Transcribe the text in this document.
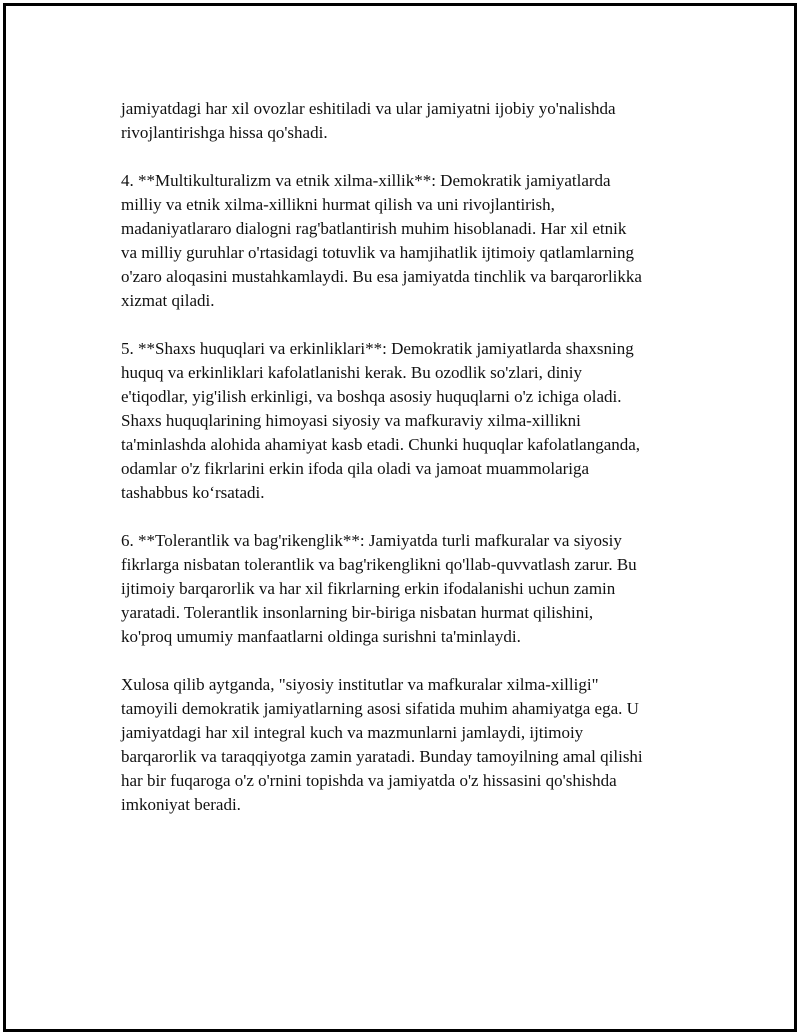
jamiyatdagi har xil ovozlar eshitiladi va ular jamiyatni ijobiy yo'nalishda
rivojlantirishga hissa qo'shadi.

4. **Multikulturalizm va etnik xilma-xillik**: Demokratik jamiyatlarda
milliy va etnik xilma-xillikni hurmat qilish va uni rivojlantirish,
madaniyatlararo dialogni rag'batlantirish muhim hisoblanadi. Har xil etnik
va milliy guruhlar o'rtasidagi totuvlik va hamjihatlik ijtimoiy qatlamlarning
o'zaro aloqasini mustahkamlaydi. Bu esa jamiyatda tinchlik va barqarorlikka
xizmat qiladi.

5. **Shaxs huquqlari va erkinliklari**: Demokratik jamiyatlarda shaxsning
huquq va erkinliklari kafolatlanishi kerak. Bu ozodlik so'zlari, diniy
e'tiqodlar, yig'ilish erkinligi, va boshqa asosiy huquqlarni o'z ichiga oladi.
Shaxs huquqlarining himoyasi siyosiy va mafkuraviy xilma-xillikni
ta'minlashda alohida ahamiyat kasb etadi. Chunki huquqlar kafolatlanganda,
odamlar o'z fikrlarini erkin ifoda qila oladi va jamoat muammolariga
tashabbus ko‘rsatadi.

6. **Tolerantlik va bag'rikenglik**: Jamiyatda turli mafkuralar va siyosiy
fikrlarga nisbatan tolerantlik va bag'rikenglikni qo'llab-quvvatlash zarur. Bu
ijtimoiy barqarorlik va har xil fikrlarning erkin ifodalanishi uchun zamin
yaratadi. Tolerantlik insonlarning bir-biriga nisbatan hurmat qilishini,
ko'proq umumiy manfaatlarni oldinga surishni ta'minlaydi.

Xulosa qilib aytganda, "siyosiy institutlar va mafkuralar xilma-xilligi"
tamoyili demokratik jamiyatlarning asosi sifatida muhim ahamiyatga ega. U
jamiyatdagi har xil integral kuch va mazmunlarni jamlaydi, ijtimoiy
barqarorlik va taraqqiyotga zamin yaratadi. Bunday tamoyilning amal qilishi
har bir fuqaroga o'z o'rnini topishda va jamiyatda o'z hissasini qo'shishda
imkoniyat beradi.
